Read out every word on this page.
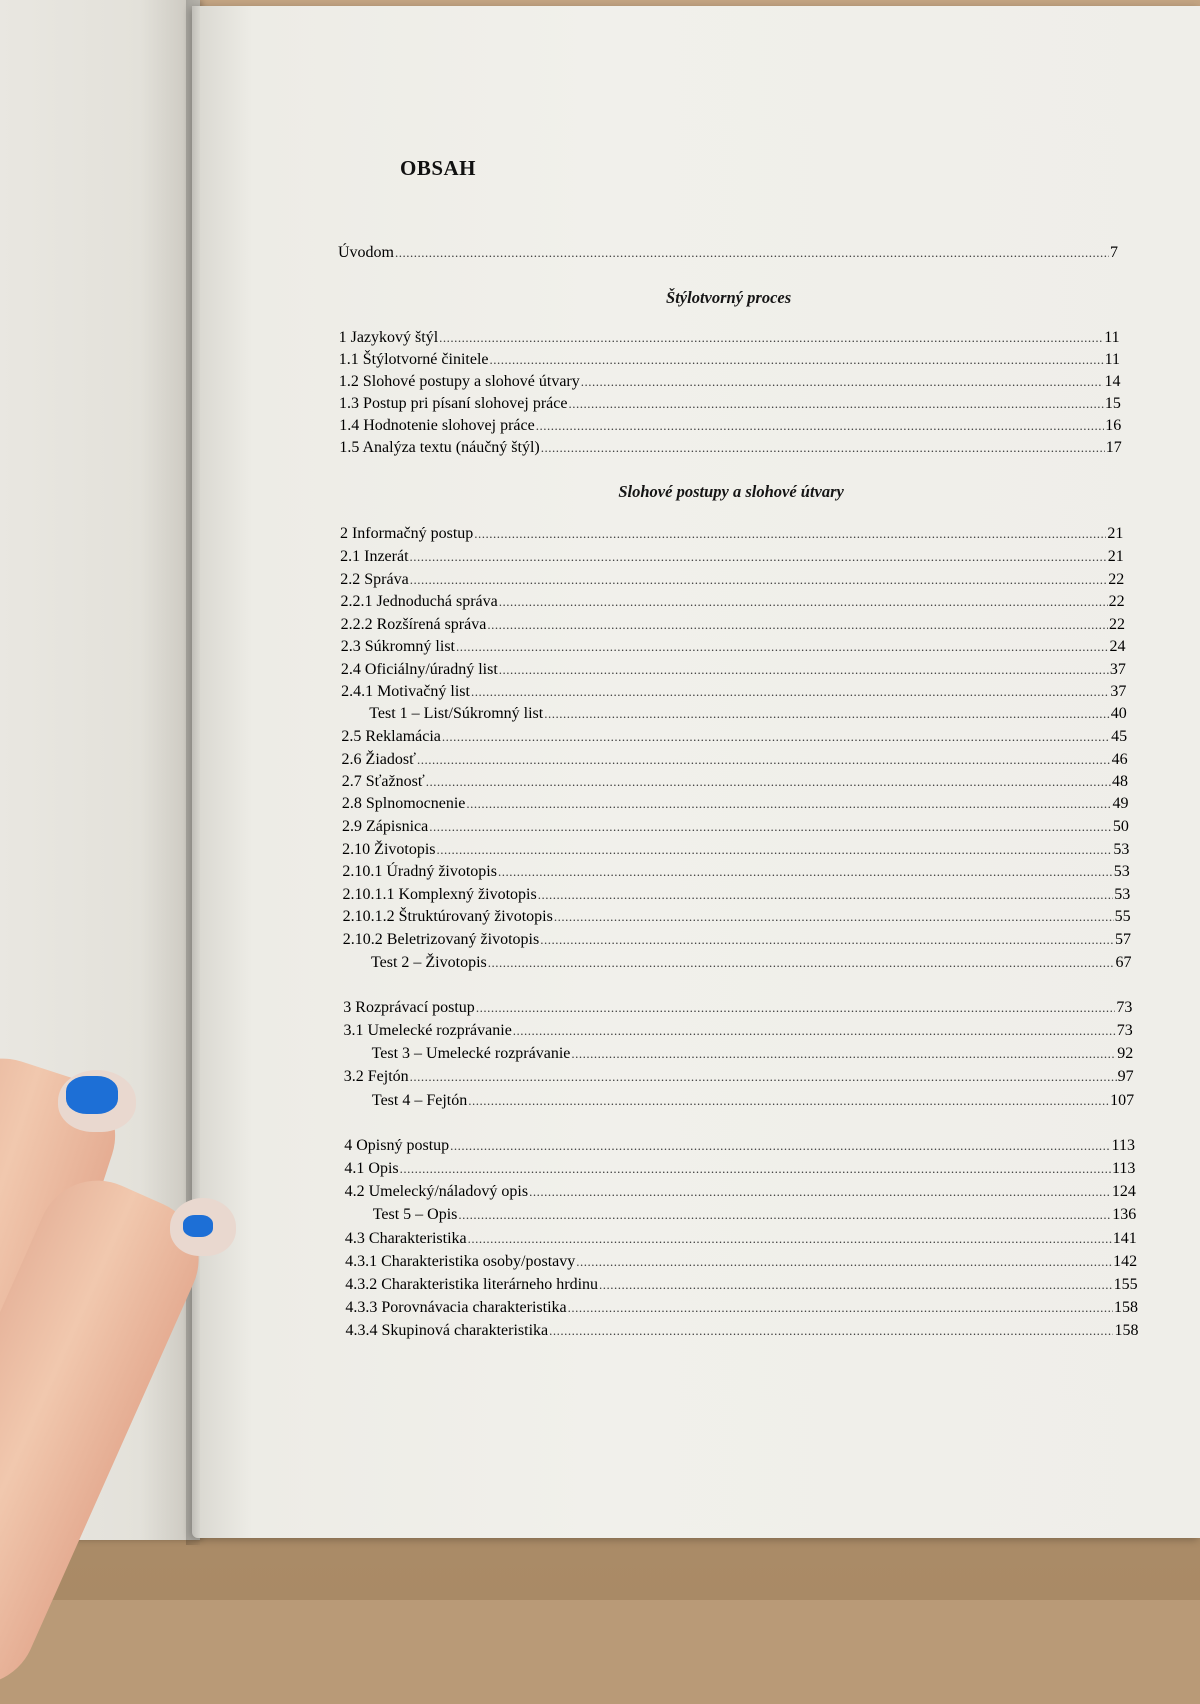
OBSAH
Úvodom .....	7
Štýlotvorný proces
1 Jazykový štýl .....	11
1.1 Štýlotvorné činitele .....	11
1.2 Slohové postupy a slohové útvary .....	14
1.3 Postup pri písaní slohovej práce .....	15
1.4 Hodnotenie slohovej práce .....	16
1.5 Analýza textu (náučný štýl) .....	17
Slohové postupy a slohové útvary
2 Informačný postup .....	21
2.1 Inzerát .....	21
2.2 Správa .....	22
2.2.1 Jednoduchá správa .....	22
2.2.2 Rozšírená správa .....	22
2.3 Súkromný list .....	24
2.4 Oficiálny/úradný list .....	37
2.4.1 Motivačný list .....	37
Test 1 – List/Súkromný list .....	40
2.5 Reklamácia .....	45
2.6 Žiadosť .....	46
2.7 Sťažnosť .....	48
2.8 Splnomocnenie .....	49
2.9 Zápisnica .....	50
2.10 Životopis .....	53
2.10.1 Úradný životopis .....	53
2.10.1.1 Komplexný životopis .....	53
2.10.1.2 Štruktúrovaný životopis .....	55
2.10.2 Beletrizovaný životopis .....	57
Test 2 – Životopis .....	67
3 Rozprávací postup .....	73
3.1 Umelecké rozprávanie .....	73
Test 3 – Umelecké rozprávanie .....	92
3.2 Fejtón .....	97
Test 4 – Fejtón .....	107
4 Opisný postup .....	113
4.1 Opis .....	113
4.2 Umelecký/náladový opis .....	124
Test 5 – Opis .....	136
4.3 Charakteristika .....	141
4.3.1 Charakteristika osoby/postavy .....	142
4.3.2 Charakteristika literárneho hrdinu .....	155
4.3.3 Porovnávacia charakteristika .....	158
4.3.4 Skupinová charakteristika .....	158
